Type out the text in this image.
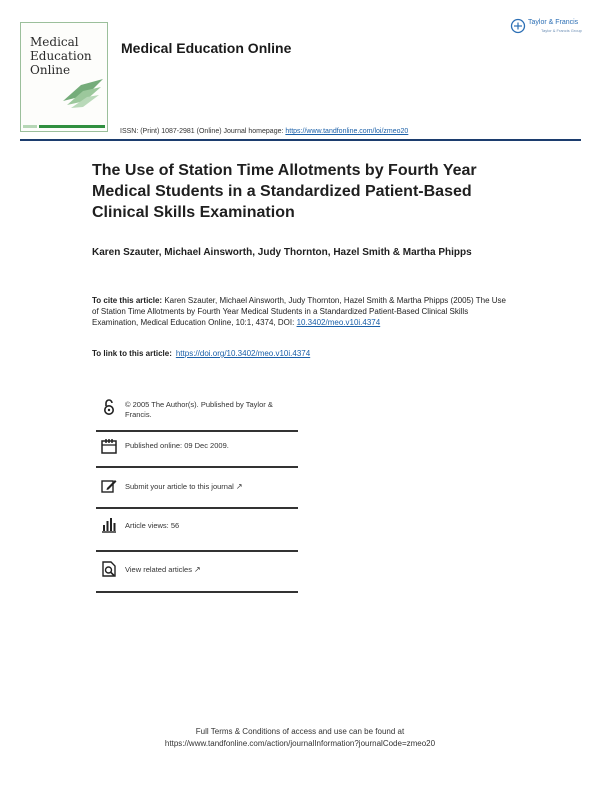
Medical
Education
Online
Medical Education Online
Taylor & Francis
Taylor & Francis Group
ISSN: (Print) 1087-2981 (Online) Journal homepage: https://www.tandfonline.com/loi/zmeo20
The Use of Station Time Allotments by Fourth Year Medical Students in a Standardized Patient-Based Clinical Skills Examination
Karen Szauter, Michael Ainsworth, Judy Thornton, Hazel Smith & Martha Phipps
To cite this article: Karen Szauter, Michael Ainsworth, Judy Thornton, Hazel Smith & Martha Phipps (2005) The Use of Station Time Allotments by Fourth Year Medical Students in a Standardized Patient-Based Clinical Skills Examination, Medical Education Online, 10:1, 4374, DOI: 10.3402/meo.v10i.4374
To link to this article: https://doi.org/10.3402/meo.v10i.4374
© 2005 The Author(s). Published by Taylor & Francis.
Published online: 09 Dec 2009.
Submit your article to this journal ↗
Article views: 56
View related articles ↗
Full Terms & Conditions of access and use can be found at
https://www.tandfonline.com/action/journalInformation?journalCode=zmeo20
